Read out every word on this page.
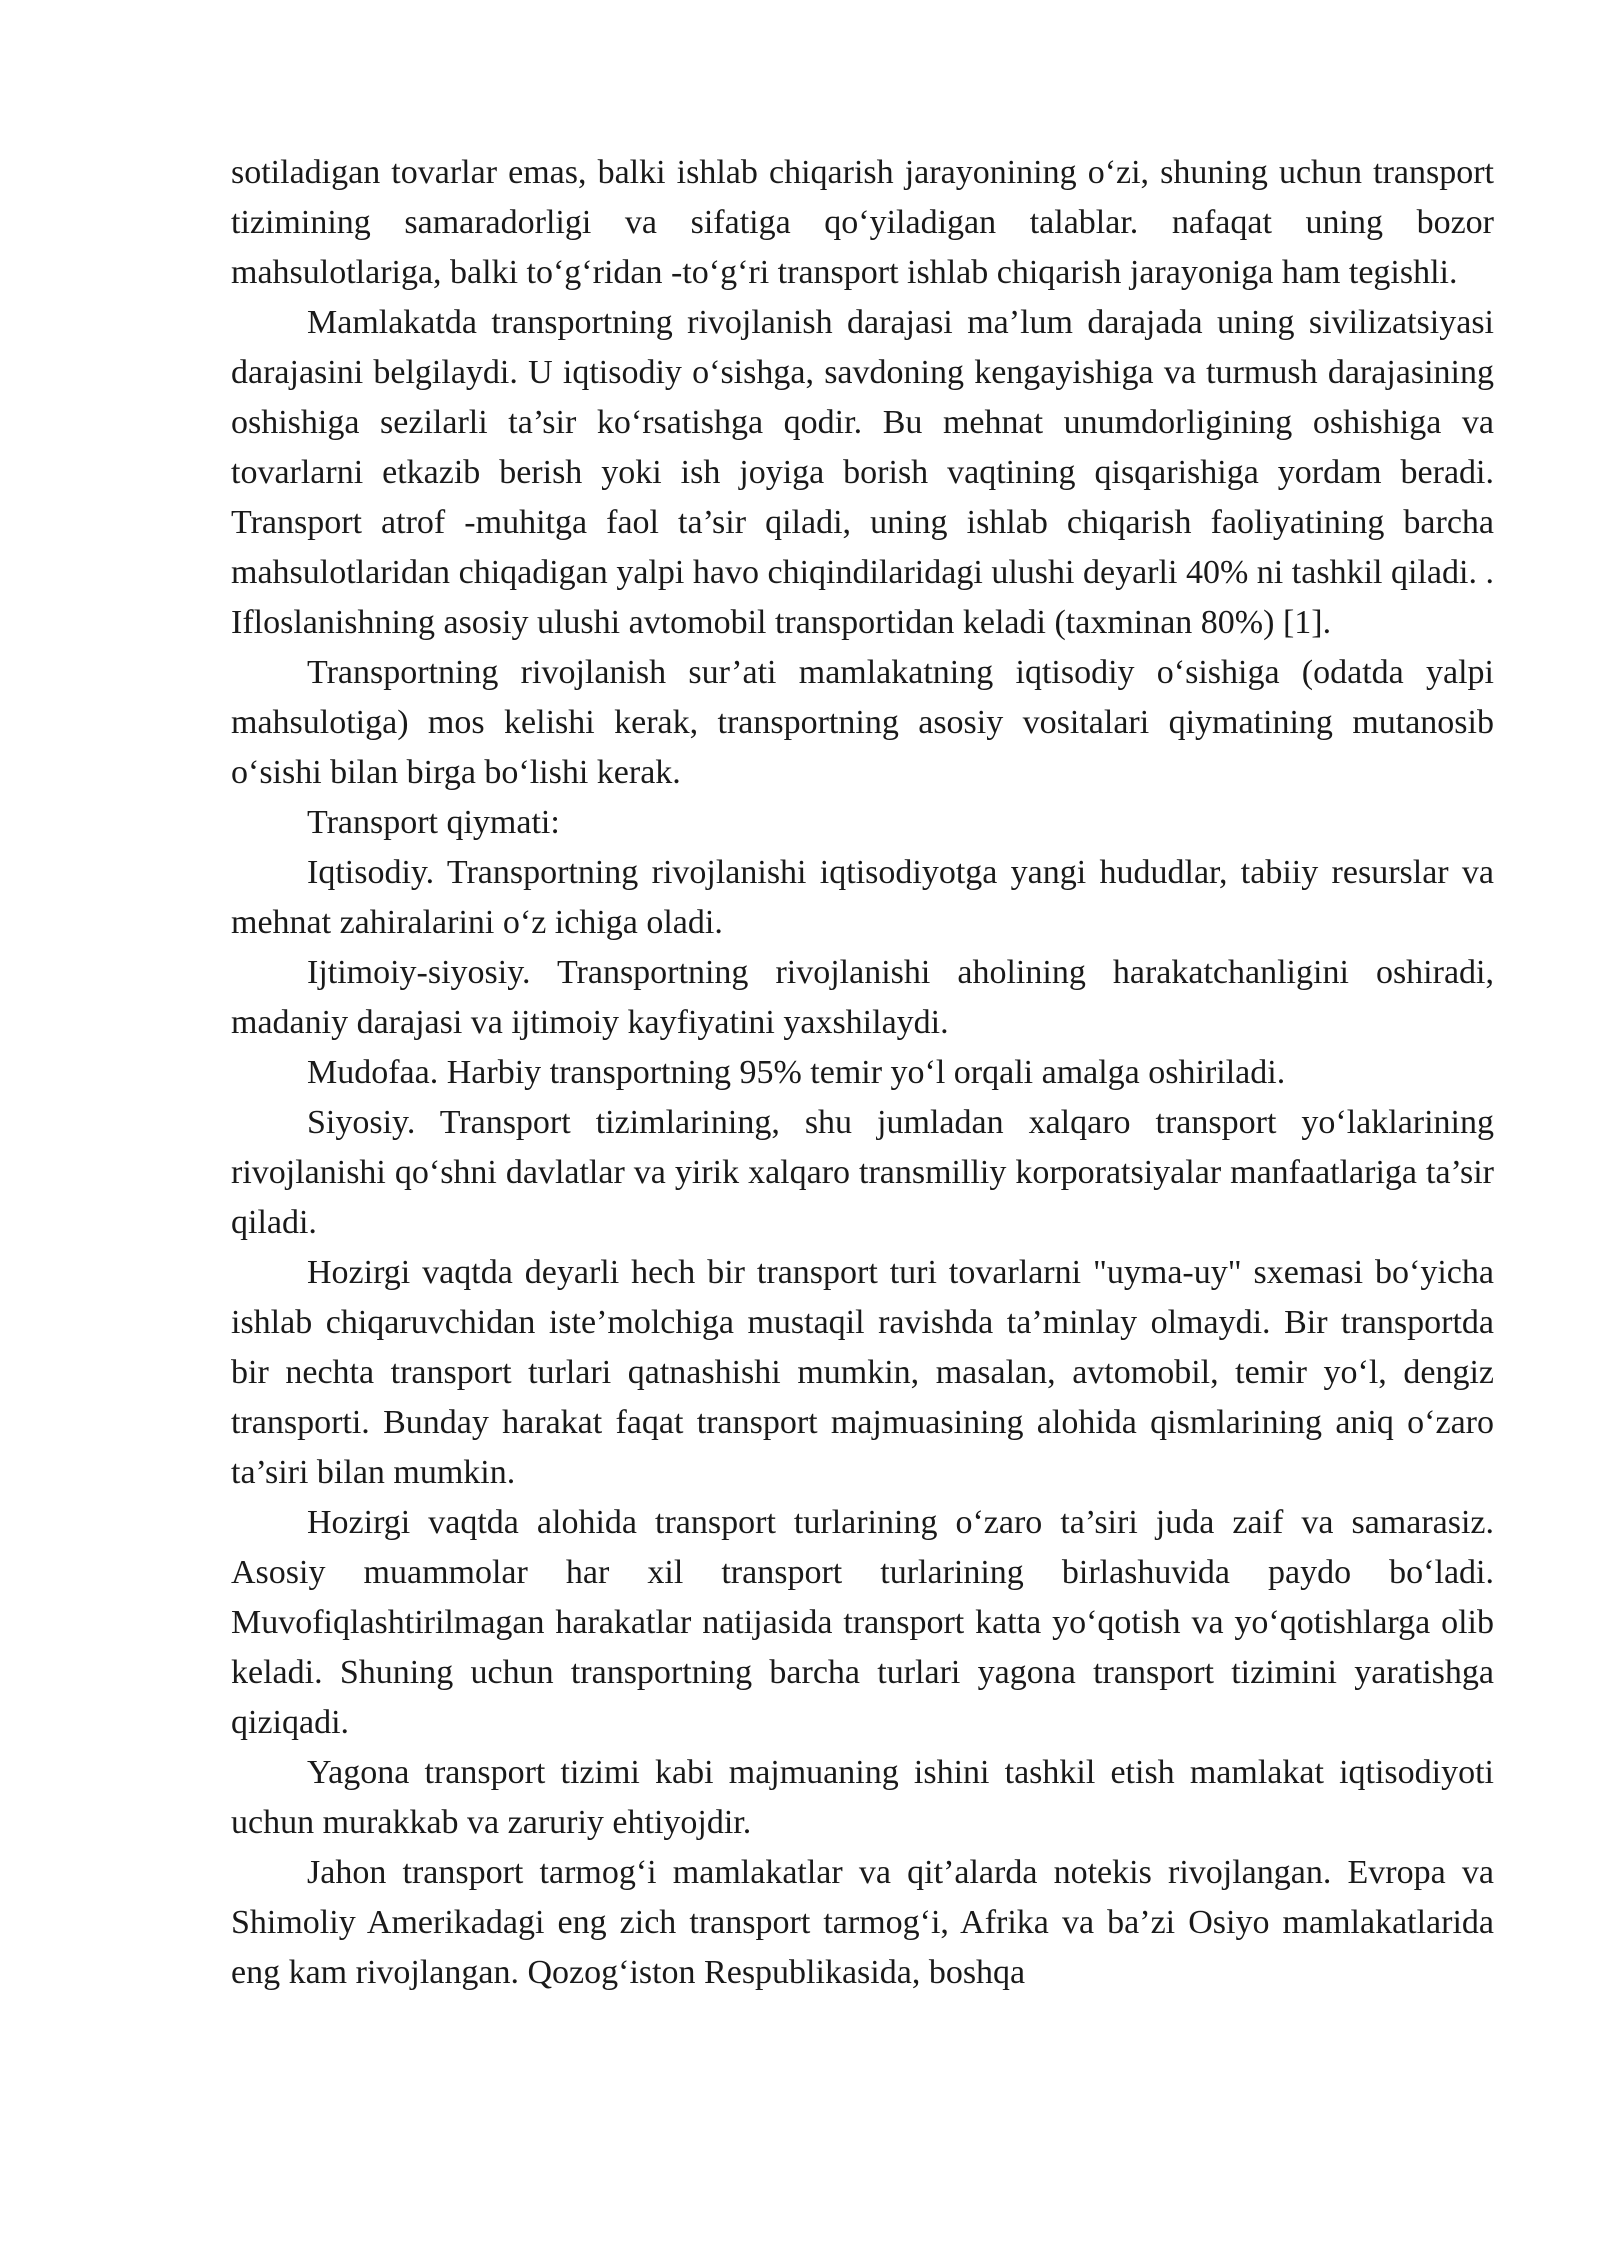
sotiladigan tovarlar emas, balki ishlab chiqarish jarayonining o‘zi, shuning uchun transport tizimining samaradorligi va sifatiga qo‘yiladigan talablar. nafaqat uning bozor mahsulotlariga, balki to‘g‘ridan -to‘g‘ri transport ishlab chiqarish jarayoniga ham tegishli.

Mamlakatda transportning rivojlanish darajasi ma’lum darajada uning sivilizatsiyasi darajasini belgilaydi. U iqtisodiy o‘sishga, savdoning kengayishiga va turmush darajasining oshishiga sezilarli ta’sir ko‘rsatishga qodir. Bu mehnat unumdorligining oshishiga va tovarlarni etkazib berish yoki ish joyiga borish vaqtining qisqarishiga yordam beradi. Transport atrof -muhitga faol ta’sir qiladi, uning ishlab chiqarish faoliyatining barcha mahsulotlaridan chiqadigan yalpi havo chiqindilaridagi ulushi deyarli 40% ni tashkil qiladi. . Ifloslanishning asosiy ulushi avtomobil transportidan keladi (taxminan 80%) [1].

Transportning rivojlanish sur’ati mamlakatning iqtisodiy o‘sishiga (odatda yalpi mahsulotiga) mos kelishi kerak, transportning asosiy vositalari qiymatining mutanosib o‘sishi bilan birga bo‘lishi kerak.

Transport qiymati:

Iqtisodiy. Transportning rivojlanishi iqtisodiyotga yangi hududlar, tabiiy resurslar va mehnat zahiralarini o‘z ichiga oladi.

Ijtimoiy-siyosiy. Transportning rivojlanishi aholining harakatchanligini oshiradi, madaniy darajasi va ijtimoiy kayfiyatini yaxshilaydi.

Mudofaa. Harbiy transportning 95% temir yo‘l orqali amalga oshiriladi.

Siyosiy. Transport tizimlarining, shu jumladan xalqaro transport yo‘laklarining rivojlanishi qo‘shni davlatlar va yirik xalqaro transmilliy korporatsiyalar manfaatlariga ta’sir qiladi.

Hozirgi vaqtda deyarli hech bir transport turi tovarlarni "uyma-uy" sxemasi bo‘yicha ishlab chiqaruvchidan iste’molchiga mustaqil ravishda ta’minlay olmaydi. Bir transportda bir nechta transport turlari qatnashishi mumkin, masalan, avtomobil, temir yo‘l, dengiz transporti. Bunday harakat faqat transport majmuasining alohida qismlarining aniq o‘zaro ta’siri bilan mumkin.

Hozirgi vaqtda alohida transport turlarining o‘zaro ta’siri juda zaif va samarasiz. Asosiy muammolar har xil transport turlarining birlashuvida paydo bo‘ladi. Muvofiqlashtirilmagan harakatlar natijasida transport katta yo‘qotish va yo‘qotishlarga olib keladi. Shuning uchun transportning barcha turlari yagona transport tizimini yaratishga qiziqadi.

Yagona transport tizimi kabi majmuaning ishini tashkil etish mamlakat iqtisodiyoti uchun murakkab va zaruriy ehtiyojdir.

Jahon transport tarmog‘i mamlakatlar va qit’alarda notekis rivojlangan. Evropa va Shimoliy Amerikadagi eng zich transport tarmog‘i, Afrika va ba’zi Osiyo mamlakatlarida eng kam rivojlangan. Qozog‘iston Respublikasida, boshqa
